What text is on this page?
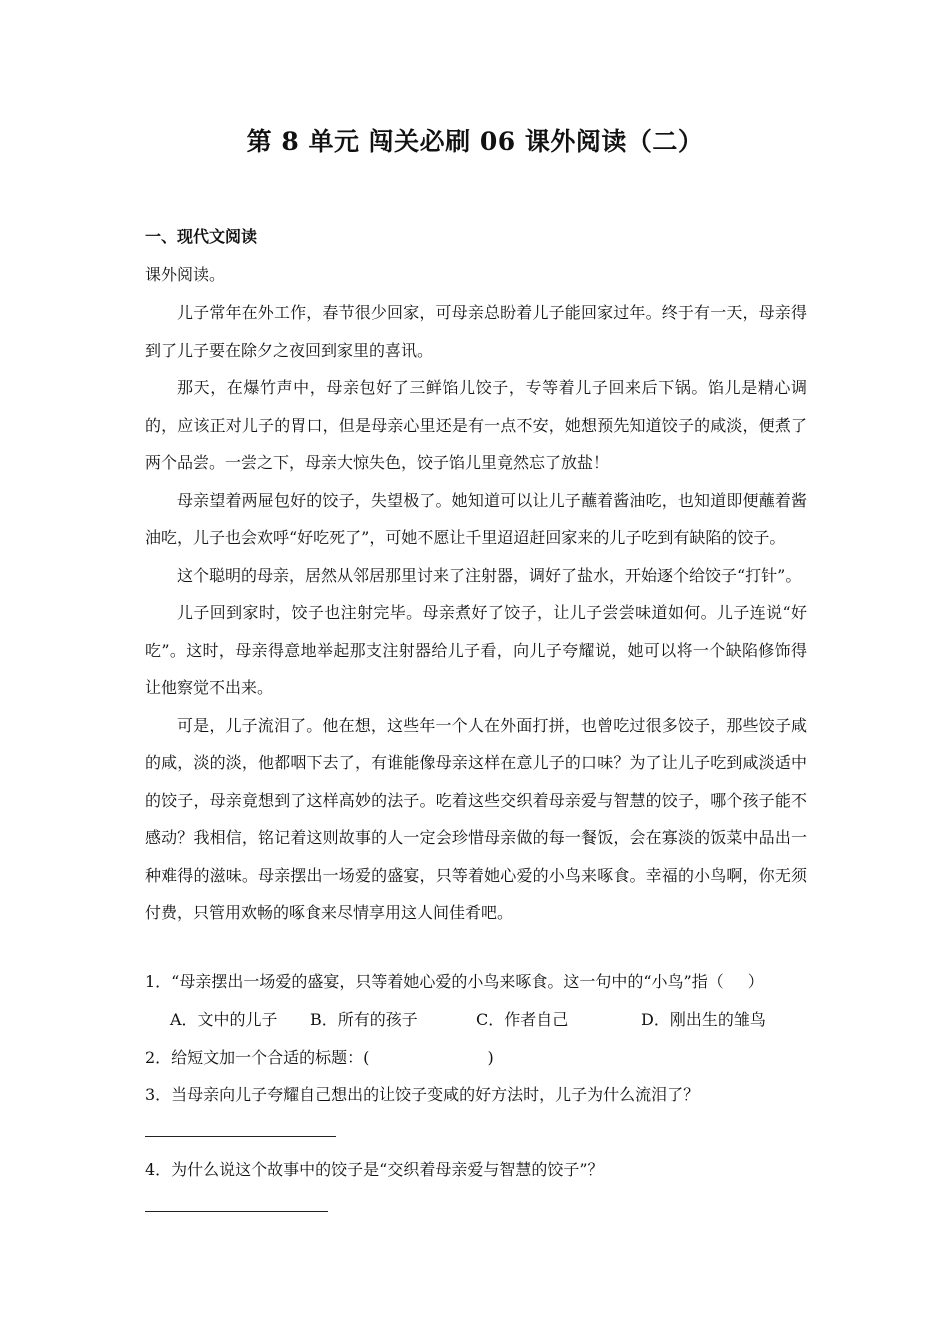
第 8 单元 闯关必刷 06 课外阅读（二）
一、现代文阅读
课外阅读。

儿子常年在外工作，春节很少回家，可母亲总盼着儿子能回家过年。终于有一天，母亲得到了儿子要在除夕之夜回到家里的喜讯。

那天，在爆竹声中，母亲包好了三鲜馅儿饺子，专等着儿子回来后下锅。馅儿是精心调的，应该正对儿子的胃口，但是母亲心里还是有一点不安，她想预先知道饺子的咸淡，便煮了两个品尝。一尝之下，母亲大惊失色，饺子馅儿里竟然忘了放盐！

母亲望着两屉包好的饺子，失望极了。她知道可以让儿子蘸着酱油吃，也知道即便蘸着酱油吃，儿子也会欢呼“好吃死了”，可她不愿让千里迢迢赶回家来的儿子吃到有缺陷的饺子。

这个聪明的母亲，居然从邻居那里讨来了注射器，调好了盐水，开始逐个给饺子“打针”。

儿子回到家时，饺子也注射完毕。母亲煮好了饺子，让儿子尝尝味道如何。儿子连说“好吃”。这时，母亲得意地举起那支注射器给儿子看，向儿子夸耀说，她可以将一个缺陷修饰得让他察觉不出来。

可是，儿子流泪了。他在想，这些年一个人在外面打拼，也曾吃过很多饺子，那些饺子咸的咸，淡的淡，他都咽下去了，有谁能像母亲这样在意儿子的口味？为了让儿子吃到咸淡适中的饺子，母亲竟想到了这样高妙的法子。吃着这些交织着母亲爱与智慧的饺子，哪个孩子能不感动？我相信，铭记着这则故事的人一定会珍惜母亲做的每一餐饭，会在寡淡的饭菜中品出一种难得的滋味。母亲摆出一场爱的盛宴，只等着她心爱的小鸟来啄食。幸福的小鸟啊，你无须付费，只管用欢畅的啄食来尽情享用这人间佳肴吧。

1．“母亲摆出一场爱的盛宴，只等着她心爱的小鸟来啄食。这一句中的“小鸟”指（ ）
A．文中的儿子 B．所有的孩子	C．作者自己	D．刚出生的雏鸟
2．给短文加一个合适的标题：(	)
3．当母亲向儿子夸耀自己想出的让饺子变咸的好方法时，儿子为什么流泪了？
4．为什么说这个故事中的饺子是“交织着母亲爱与智慧的饺子”？
